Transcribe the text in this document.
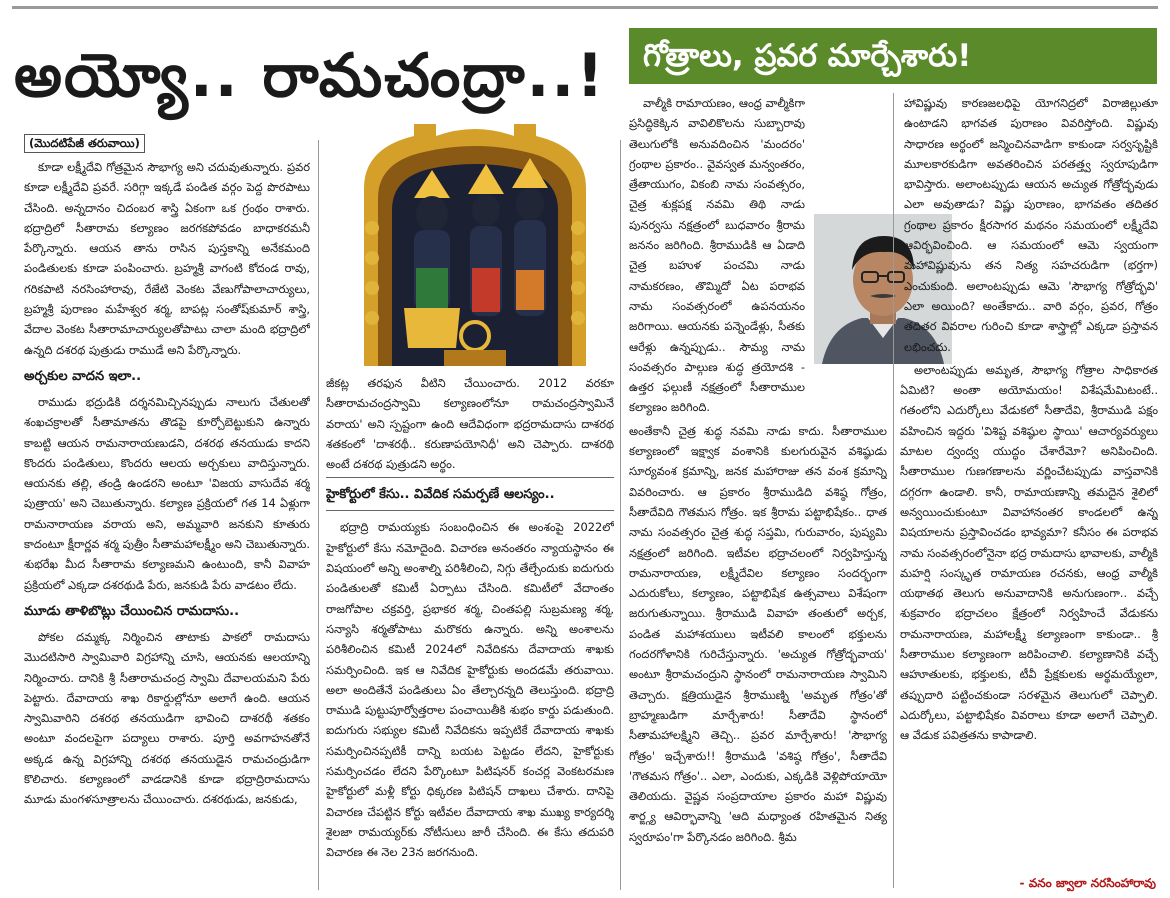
అయ్యో.. రామచంద్రా..!	గోత్రాలు, ప్రవర మార్చేశారు!
(మొదటిపేజీ తరువాయి)

కూడా లక్ష్మీదేవి గోత్రమైన సౌభాగ్య అని చదువుతున్నారు. ప్రవర కూడా లక్ష్మీదేవి ప్రవరే. సరిగ్గా ఇక్కడే పండిత వర్గం పెద్ద పొరపాటు చేసింది. అన్నదానం చిదంబర శాస్త్రి ఏకంగా ఒక గ్రంథం రాశారు. భద్రాద్రిలో సీతారామ కల్యాణం జరగకపోవడం బాధాకరమనీ పేర్కొన్నారు. ఆయన తాను రాసిన పుస్తకాన్ని అనేకమంది పండితులకు కూడా పంపించారు. బ్రహ్మశ్రీ వాగంటి కోదండ రావు, గరికపాటి నరసింహారావు, రేజేటి వెంకట వేణుగోపాలాచార్యులు, బ్రహ్మశ్రీ పురాణం మహేశ్వర శర్మ, బాపట్ల సంతోష్‌కుమార్ శాస్త్రి, వేదాల వెంకట సీతారామాచార్యులతోపాటు చాలా మంది భద్రాద్రిలో ఉన్నది దశరథ పుత్రుడు రాముడే అని పేర్కొన్నారు.

అర్చకుల వాదన ఇలా..

రాముడు భద్రుడికి దర్శనమిచ్చినప్పుడు నాలుగు చేతులతో శంఖచక్రాలతో సీతామాతను తొడపై కూర్చోబెట్టుకుని ఉన్నారు కాబట్టి ఆయన రామనారాయణుడని, దశరథ తనయుడు కాదని కొందరు పండితులు, కొందరు ఆలయ అర్చకులు వాదిస్తున్నారు. ఆయనకు తల్లి, తండ్రి ఉండరని అంటూ 'విజయ వాసుదేవ శర్మ పుత్రాయ' అని చెబుతున్నారు. కల్యాణ ప్రక్రియలో గత 14 ఏళ్లుగా రామనారాయణ వరాయ అని, అమ్మవారి జనకుని కూతురు కాదంటూ క్షీరార్ణవ శర్మ పుత్రీం సీతామహాలక్ష్మీం అని చెబుతున్నారు. శుభరేఖ మీద సీతారామ కల్యాణమని ఉంటుంది, కానీ వివాహ ప్రక్రియలో ఎక్కడా దశరథుడి పేరు, జనకుడి పేరు వాడటం లేదు.

మూడు తాళిబొట్లు చేయించిన రామదాసు..

పోకల దమ్మక్క నిర్మించిన తాటాకు పాకలో రామదాసు మొదటిసారి స్వామివారి విగ్రహాన్ని చూసి, ఆయనకు ఆలయాన్ని నిర్మించారు. దానికి శ్రీ సీతారామచంద్ర స్వామి దేవాలయమని పేరు పెట్టారు. దేవాదాయ శాఖ రికార్డుల్లోనూ అలాగే ఉంది. ఆయన స్వామివారిని దశరథ తనయుడిగా భావించి దాశరథీ శతకం అంటూ వందలపైగా పద్యాలు రాశారు. పూర్తి అవగాహనతోనే అక్కడ ఉన్న విగ్రహాన్ని దశరథ తనయుడైన రామచంద్రుడిగా కొలిచారు. కల్యాణంలో వాడడానికి కూడా భద్రాద్రిరామదాసు మూడు మంగళసూత్రాలను చేయించారు. దశరథుడు, జనకుడు,

జీకట్ల తరఫున వీటిని చేయించారు. 2012 వరకూ సీతారామచంద్రస్వామి కల్యాణంలోనూ రామచంద్రస్వామినే వరాయ' అని స్పష్టంగా ఉంది ఆదేవిధంగా భద్రరామదాసు దాశరథ శతకంలో 'దాశరథీ.. కరుణాపయోనిధీ' అని చెప్పారు. దాశరథి అంటే దశరథ పుత్రుడని అర్థం.

హైకోర్టులో కేసు.. వివేదిక సమర్పణే ఆలస్యం..

భద్రాద్రి రామయ్యకు సంబంధించిన ఈ అంశంపై 2022లో హైకోర్టులో కేసు నమోదైంది. విచారణ అనంతరం న్యాయస్థానం ఈ విషయంలో అన్ని అంశాల్ని పరిశీలించి, నిగ్గు తేల్చేందుకు ఐదుగురు పండితులతో కమిటీ ఏర్పాటు చేసింది. కమిటీలో వేదాంతం రాజగోపాల చక్రవర్తి, ప్రభాకర శర్మ, చింతపల్లి సుబ్రమణ్య శర్మ, సన్యాసి శర్మతోపాటు మరొకరు ఉన్నారు. అన్ని అంశాలను పరిశీలించిన కమిటీ 2024లో నివేదికను దేవాదాయ శాఖకు సమర్పించింది. ఇక ఆ నివేదిక హైకోర్టుకు అందడమే తరువాయి. అలా అందితేనే పండితులు ఏం తేల్చారన్నది తెలుస్తుంది. భద్రాద్రి రాముడి పుట్టుపూర్వోత్తరాల పంచాయితీకి శుభం కార్డు పడుతుంది. ఐదుగురు సభ్యుల కమిటీ నివేదికను ఇప్పటికే దేవాదాయ శాఖకు సమర్పించినప్పటికీ దాన్ని బయట పెట్టడం లేదని, హైకోర్టుకు సమర్పించడం లేదని పేర్కొంటూ పిటిషనర్ కంచర్ల వెంకటరమణ హైకోర్టులో మళ్లీ కోర్టు ధిక్కరణ పిటిషన్ దాఖలు చేశారు. దానిపై విచారణ చేపట్టిన కోర్టు ఇటీవల దేవాదాయ శాఖ ముఖ్య కార్యదర్శి శైలజా రామయ్యర్‌కు నోటీసులు జారీ చేసింది. ఈ కేసు తదుపరి విచారణ ఈ నెల 23న జరగనుంది.

వాల్మీకి రామాయణం, ఆంధ్ర వాల్మీకిగా ప్రసిద్ధికెక్కిన వావిలికొలను సుబ్బారావు తెలుగులోకి అనువదించిన 'మందరం' గ్రంథాల ప్రకారం.. వైవస్వత మన్వంతరం, త్రేతాయుగం, వికంబి నామ సంవత్సరం, చైత్ర శుక్లపక్ష నవమి తిథి నాడు పునర్వసు నక్షత్రంలో బుధవారం శ్రీరామ జననం జరిగింది. శ్రీరాముడికి ఆ ఏడాది చైత్ర బహుళ పంచమి నాడు నామకరణం, తొమ్మిదో ఏట పరాభవ నామ సంవత్సరంలో ఉపనయనం జరిగాయి. ఆయనకు పన్నెండేళ్లు, సీతకు ఆరేళ్లు ఉన్నప్పుడు.. సౌమ్య నామ సంవత్సరం పాల్గుణ శుద్ధ త్రయోదశి - ఉత్తర ఫల్గుణీ నక్షత్రంలో సీతారాముల కల్యాణం జరిగింది.

అంతేకానీ చైత్ర శుద్ధ నవమి నాడు కాదు. సీతారాముల కల్యాణంలో ఇక్ష్వాక వంశానికి కులగురువైన వశిష్ఠుడు సూర్యవంశ క్రమాన్ని, జనక మహారాజు తన వంశ క్రమాన్ని వివరించారు. ఆ ప్రకారం శ్రీరాముడిది వశిష్ఠ గోత్రం, సీతాదేవిది గౌతమస గోత్రం. ఇక శ్రీరామ పట్టాభిషేకం.. ధాత నామ సంవత్సరం చైత్ర శుద్ధ సప్తమి, గురువారం, పుష్యమి నక్షత్రంలో జరిగింది. ఇటీవల భద్రాచలంలో నిర్వహిస్తున్న రామనారాయణ, లక్ష్మీదేవిల కల్యాణం సందర్భంగా ఎదురుకోలు, కల్యాణం, పట్టాభిషేక ఉత్సవాలు విశేషంగా జరుగుతున్నాయి. శ్రీరాముడి వివాహ తంతులో అర్చక, పండిత మహాశయులు ఇటీవలి కాలంలో భక్తులను గందరగోళానికి గురిచేస్తున్నారు. 'అచ్యుత గోత్రోద్భవాయ' అంటూ శ్రీరామచంద్రుని స్థానంలో రామనారాయణ స్వామిని తెచ్చారు. క్షత్రియుడైన శ్రీరాముణ్ని 'అమృత గోత్రం'తో బ్రాహ్మణుడిగా మార్చేశారు! సీతాదేవి స్థానంలో సీతామహాలక్ష్మిని తెచ్చి.. ప్రవర మార్చేశారు! 'సౌభాగ్య గోత్రం' ఇచ్చేశారు!! శ్రీరాముడి 'వశిష్ఠ గోత్రం', సీతాదేవి 'గౌతమస గోత్రం'.. ఎలా, ఎందుకు, ఎక్కడికి వెళ్లిపోయాయో తెలియదు. వైష్ణవ సంప్రదాయాల ప్రకారం మహా విష్ణువు శార్ఙ్గ్య ఆవిర్భావాన్ని 'ఆది మధ్యాంత రహితమైన నిత్య స్వరూపం'గా పేర్కొనడం జరిగింది. శ్రీమ

హావిష్ణువు కారణజలధిపై యోగనిద్రలో విరాజిల్లుతూ ఉంటాడని భాగవత పురాణం వివరిస్తోంది. విష్ణువు సాధారణ అర్థంలో జన్మించినవాడిగా కాకుండా సర్వసృష్టికి మూలకారకుడిగా అవతరించిన పరతత్త్వ స్వరూపుడిగా భావిస్తారు. అలాంటప్పుడు ఆయన అచ్యుత గోత్రోద్భవుడు ఎలా అవుతాడు? విష్ణు పురాణం, భాగవతం తదితర గ్రంథాల ప్రకారం క్షీరసాగర మథనం సమయంలో లక్ష్మీదేవి ఆవిర్భవించింది. ఆ సమయంలో ఆమె స్వయంగా మహావిష్ణువును తన నిత్య సహచరుడిగా (భర్తగా) ఎంచుకుంది. అలాంటప్పుడు ఆమె 'సౌభాగ్య గోత్రోద్భవి' ఎలా అయింది? అంతేకాదు.. వారి వర్గం, ప్రవర, గోత్రం తదితర వివరాల గురించి కూడా శాస్త్రాల్లో ఎక్కడా ప్రస్తావన లభించదు.

అలాంటప్పుడు అమృత, సౌభాగ్య గోత్రాల సాధికారత ఏమిటి? అంతా అయోమయం! విశేషమేమిటంటే.. గతంలోని ఎదుర్కోలు వేడుకలో సీతాదేవి, శ్రీరాముడి పక్షం వహించిన ఇద్దరు 'విశిష్ట వశిష్ఠుల స్థాయి' ఆచార్యవర్యులు మాటల ద్వంద్వ యుద్ధం చేశారేమో? అనిపించింది. సీతారాముల గుణగణాలను వర్ణించేటప్పుడు వాస్తవానికి దగ్గరగా ఉండాలి. కానీ, రామాయణాన్ని తమదైన శైలిలో అన్వయించుకుంటూ వివాహానంతర కాండలలో ఉన్న విషయాలను ప్రస్తావించడం భావ్యమా? కనీసం ఈ పరాభవ నామ సంవత్సరంలోనైనా భద్ర రామదాసు భావాలకు, వాల్మీకి మహర్షి సంస్కృత రామాయణ రచనకు, ఆంధ్ర వాల్మీకి యథాతథ తెలుగు అనువాదానికి అనుగుణంగా.. వచ్చే శుక్రవారం భద్రాచలం క్షేత్రంలో నిర్వహించే వేడుకను రామనారాయణ, మహాలక్ష్మీ కల్యాణంగా కాకుండా.. శ్రీ సీతారాముల కల్యాణంగా జరిపించాలి. కల్యాణానికి వచ్చే ఆహూతులకు, భక్తులకు, టీవీ ప్రేక్షకులకు అర్థమయ్యేలా, తప్పుదారి పట్టించకుండా సరళమైన తెలుగులో చెప్పాలి. ఎదుర్కోలు, పట్టాభిషేకం వివరాలు కూడా అలాగే చెప్పాలి. ఆ వేడుక పవిత్రతను కాపాడాలి.

- వనం జ్వాలా నరసింహారావు
